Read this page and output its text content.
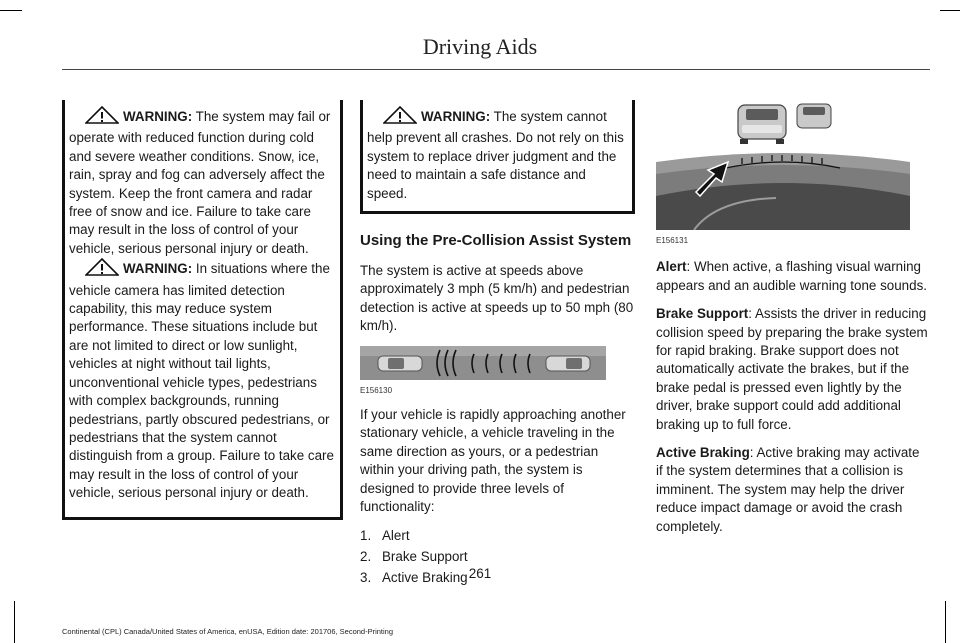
Driving Aids

WARNING: The system may fail or operate with reduced function during cold and severe weather conditions. Snow, ice, rain, spray and fog can adversely affect the system. Keep the front camera and radar free of snow and ice. Failure to take care may result in the loss of control of your vehicle, serious personal injury or death.

WARNING: In situations where the vehicle camera has limited detection capability, this may reduce system performance. These situations include but are not limited to direct or low sunlight, vehicles at night without tail lights, unconventional vehicle types, pedestrians with complex backgrounds, running pedestrians, partly obscured pedestrians, or pedestrians that the system cannot distinguish from a group. Failure to take care may result in the loss of control of your vehicle, serious personal injury or death.

WARNING: The system cannot help prevent all crashes. Do not rely on this system to replace driver judgment and the need to maintain a safe distance and speed.

Using the Pre-Collision Assist System

The system is active at speeds above approximately 3 mph (5 km/h) and pedestrian detection is active at speeds up to 50 mph (80 km/h).

E156130

If your vehicle is rapidly approaching another stationary vehicle, a vehicle traveling in the same direction as yours, or a pedestrian within your driving path, the system is designed to provide three levels of functionality:

1. Alert
2. Brake Support
3. Active Braking
E156131

Alert: When active, a flashing visual warning appears and an audible warning tone sounds.

Brake Support: Assists the driver in reducing collision speed by preparing the brake system for rapid braking. Brake support does not automatically activate the brakes, but if the brake pedal is pressed even lightly by the driver, brake support could add additional braking up to full force.

Active Braking: Active braking may activate if the system determines that a collision is imminent. The system may help the driver reduce impact damage or avoid the crash completely.

261
Continental (CPL) Canada/United States of America, enUSA, Edition date: 201706, Second-Printing
